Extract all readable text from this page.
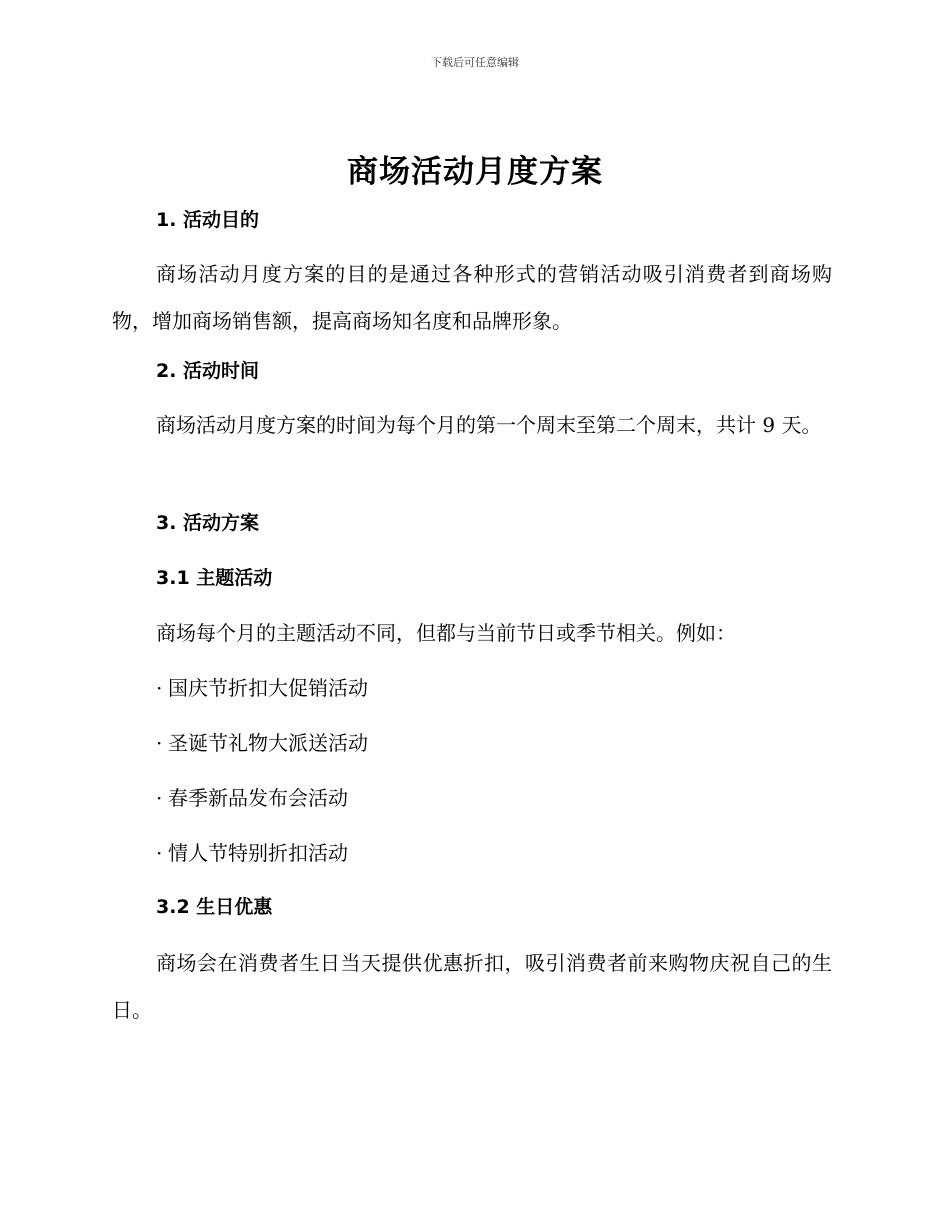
下载后可任意编辑
商场活动月度方案
1. 活动目的
商场活动月度方案的目的是通过各种形式的营销活动吸引消费者到商场购物，增加商场销售额，提高商场知名度和品牌形象。
2. 活动时间
商场活动月度方案的时间为每个月的第一个周末至第二个周末，共计 9 天。
3. 活动方案
3.1 主题活动
商场每个月的主题活动不同，但都与当前节日或季节相关。例如：
· 国庆节折扣大促销活动
· 圣诞节礼物大派送活动
· 春季新品发布会活动
· 情人节特别折扣活动
3.2 生日优惠
商场会在消费者生日当天提供优惠折扣，吸引消费者前来购物庆祝自己的生日。
